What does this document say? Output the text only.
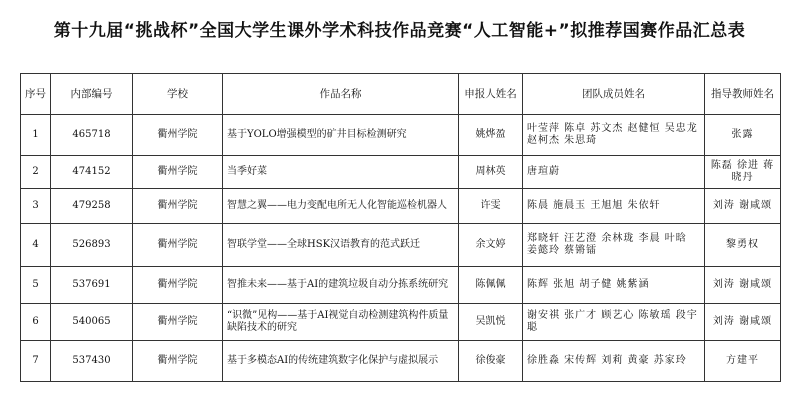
第十九届“挑战杯”全国大学生课外学术科技作品竞赛“人工智能+”拟推荐国赛作品汇总表
序号	内部编号	学校	作品名称	申报人姓名	团队成员姓名	指导教师姓名
1	465718	衢州学院	基于YOLO增强模型的矿井目标检测研究	姚烨盈	叶莹萍 陈卓 苏文杰 赵健恒 吴忠龙 赵柯杰 朱思琦	张露
2	474152	衢州学院	当季好菜	周林英	唐瑄蔚	陈磊 徐进 蒋晓丹
3	479258	衢州学院	智慧之翼——电力变配电所无人化智能巡检机器人	许雯	陈晨 施晨玉 王旭旭 朱依轩	刘涛 谢咸颂
4	526893	衢州学院	智联学堂——全球HSK汉语教育的范式跃迁	余文婷	郑晓轩 汪艺澄 余林珑 李晨 叶晗 姜懿玲 蔡锵镭	黎勇权
5	537691	衢州学院	智推未来——基于AI的建筑垃圾自动分拣系统研究	陈佩佩	陈辉 张旭 胡子健 姚紫涵	刘涛 谢咸颂
6	540065	衢州学院	“识微”见构——基于AI视觉自动检测建筑构件质量缺陷技术的研究	吴凯悦	谢安祺 张广才 顾艺心 陈敏瑶 段宇聪	刘涛 谢咸颂
7	537430	衢州学院	基于多模态AI的传统建筑数字化保护与虚拟展示	徐俊豪	徐胜淼 宋传辉 刘莉 黄豪 苏家玲	方建平
